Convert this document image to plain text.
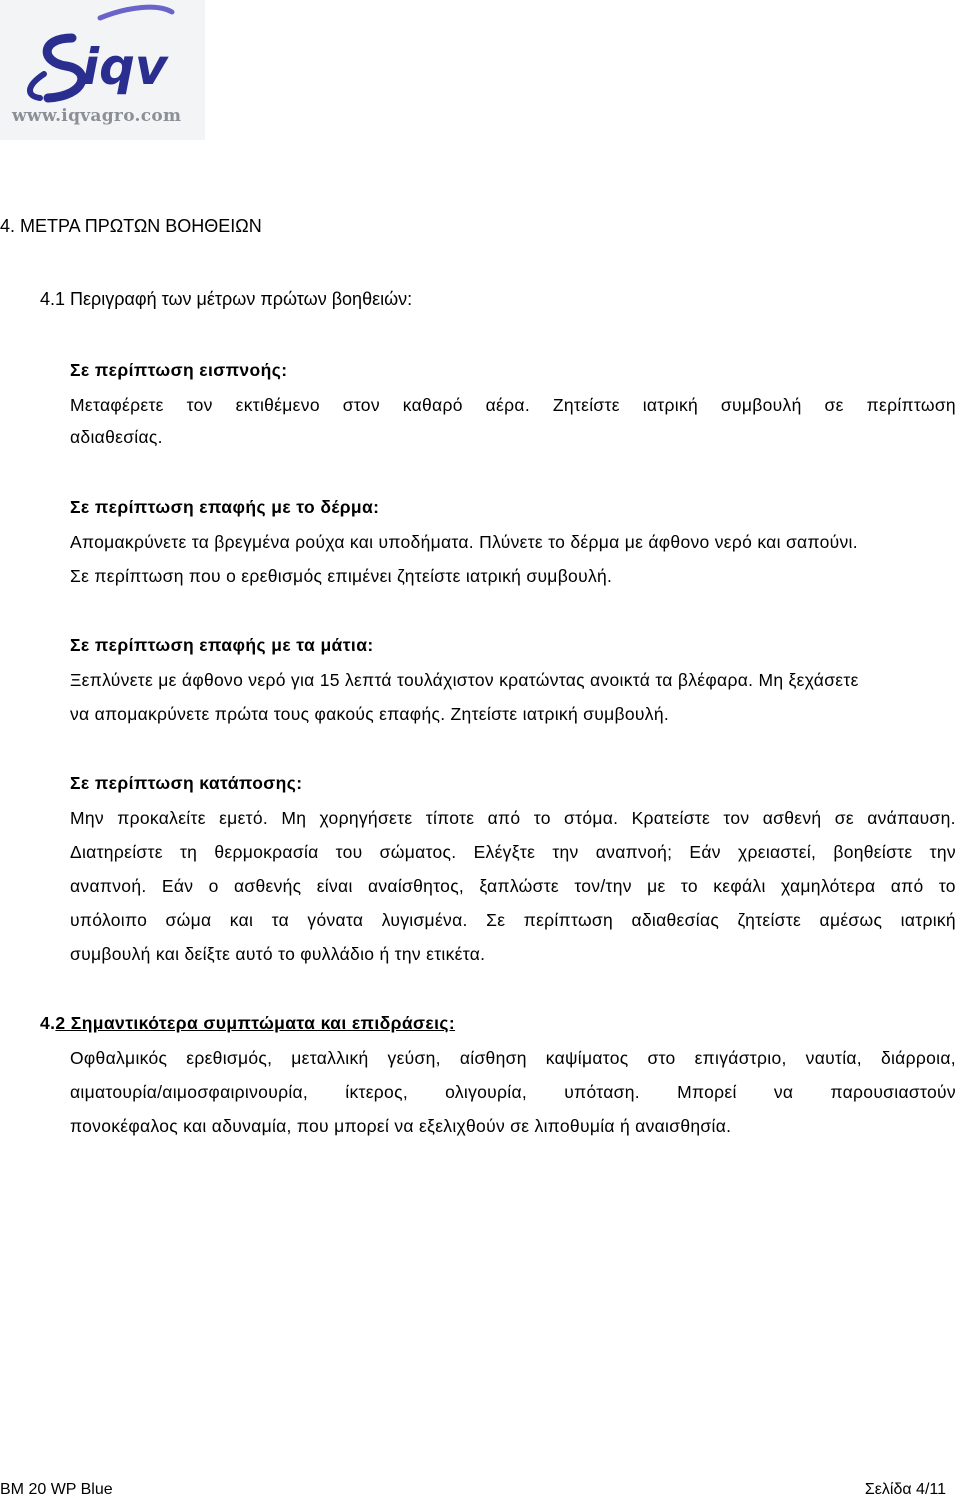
iqv
www.iqvagro.com
4. ΜΕΤΡΑ ΠΡΩΤΩΝ ΒΟΗΘΕΙΩΝ
4.1 Περιγραφή των μέτρων πρώτων βοηθειών:
Σε περίπτωση εισπνοής:
Μεταφέρετε τον εκτιθέμενο στον καθαρό αέρα. Ζητείστε ιατρική συμβουλή σε περίπτωση
αδιαθεσίας.
Σε περίπτωση επαφής με το δέρμα:
Απομακρύνετε τα βρεγμένα ρούχα και υποδήματα. Πλύνετε το δέρμα με άφθονο νερό και σαπούνι.
Σε περίπτωση που ο ερεθισμός επιμένει ζητείστε ιατρική συμβουλή.
Σε περίπτωση επαφής με τα μάτια:
Ξεπλύνετε με άφθονο νερό για 15 λεπτά τουλάχιστον κρατώντας ανοικτά τα βλέφαρα. Μη ξεχάσετε
να απομακρύνετε πρώτα τους φακούς επαφής. Ζητείστε ιατρική συμβουλή.
Σε περίπτωση κατάποσης:
Μην προκαλείτε εμετό. Μη χορηγήσετε τίποτε από το στόμα. Κρατείστε τον ασθενή σε ανάπαυση.
Διατηρείστε τη θερμοκρασία του σώματος. Ελέγξτε την αναπνοή; Εάν χρειαστεί, βοηθείστε την
αναπνοή. Εάν ο ασθενής είναι αναίσθητος, ξαπλώστε τον/την με το κεφάλι χαμηλότερα από το
υπόλοιπο σώμα και τα γόνατα λυγισμένα. Σε περίπτωση αδιαθεσίας ζητείστε αμέσως ιατρική
συμβουλή και δείξτε αυτό το φυλλάδιο ή την ετικέτα.
4.2 Σημαντικότερα συμπτώματα και επιδράσεις:
Οφθαλμικός ερεθισμός, μεταλλική γεύση, αίσθηση καψίματος στο επιγάστριο, ναυτία, διάρροια,
αιματουρία/αιμοσφαιρινουρία, ίκτερος, ολιγουρία, υπόταση. Μπορεί να παρουσιαστούν
πονοκέφαλος και αδυναμία, που μπορεί να εξελιχθούν σε λιποθυμία ή αναισθησία.
BM 20 WP Blue	Σελίδα 4/11
